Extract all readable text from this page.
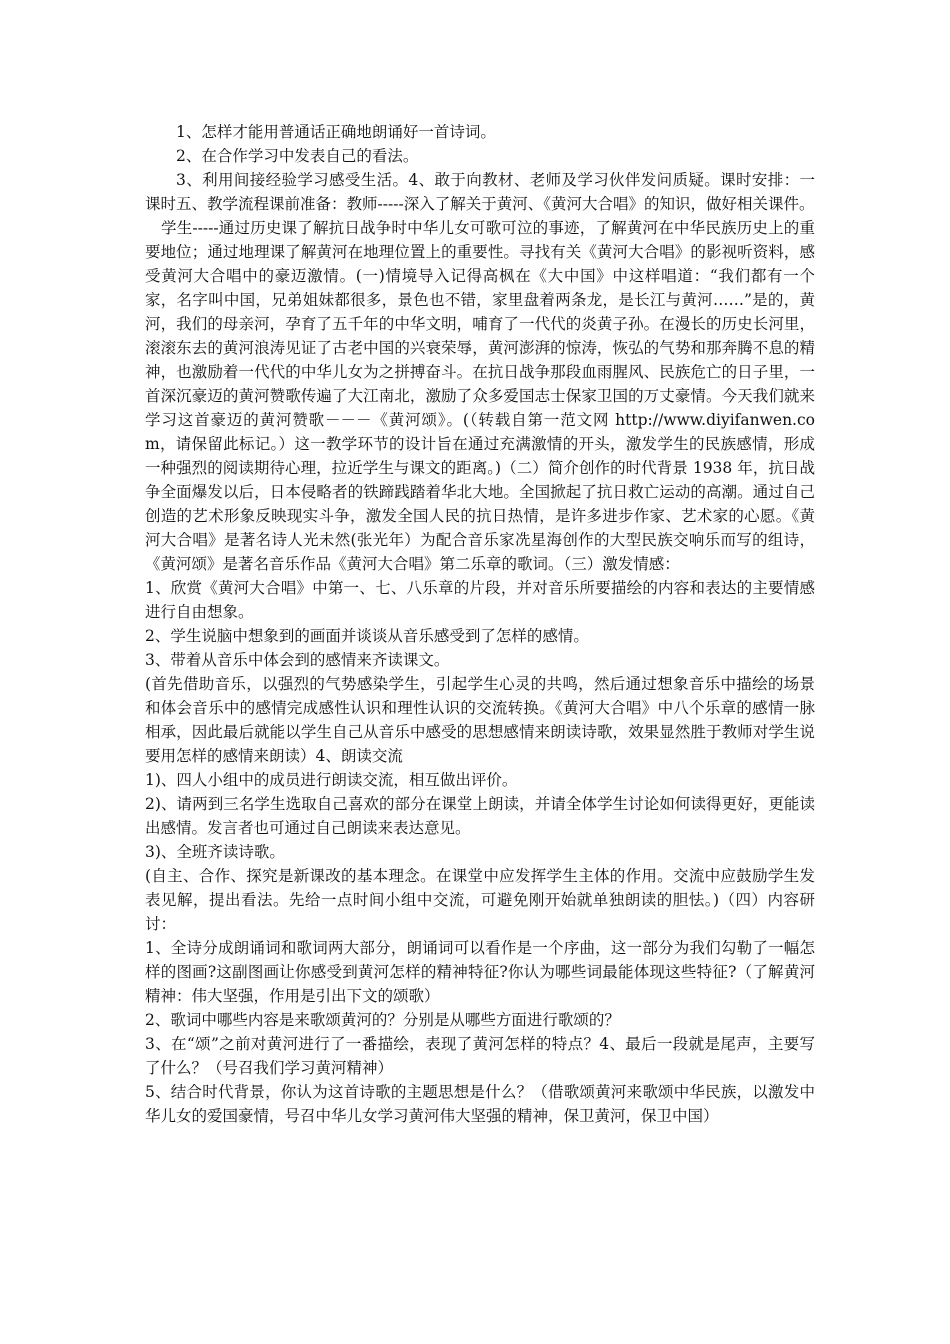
1、怎样才能用普通话正确地朗诵好一首诗词。

2、在合作学习中发表自己的看法。

3、利用间接经验学习感受生活。4、敢于向教材、老师及学习伙伴发问质疑。课时安排：一课时五、教学流程课前准备：教师-----深入了解关于黄河、《黄河大合唱》的知识，做好相关课件。

学生-----通过历史课了解抗日战争时中华儿女可歌可泣的事迹，了解黄河在中华民族历史上的重要地位；通过地理课了解黄河在地理位置上的重要性。寻找有关《黄河大合唱》的影视听资料，感受黄河大合唱中的豪迈激情。(一)情境导入记得高枫在《大中国》中这样唱道：“我们都有一个家，名字叫中国，兄弟姐妹都很多，景色也不错，家里盘着两条龙，是长江与黄河……”是的，黄河，我们的母亲河，孕育了五千年的中华文明，哺育了一代代的炎黄子孙。在漫长的历史长河里，滚滚东去的黄河浪涛见证了古老中国的兴衰荣辱，黄河澎湃的惊涛，恢弘的气势和那奔腾不息的精神，也激励着一代代的中华儿女为之拼搏奋斗。在抗日战争那段血雨腥风、民族危亡的日子里，一首深沉豪迈的黄河赞歌传遍了大江南北，激励了众多爱国志士保家卫国的万丈豪情。今天我们就来学习这首豪迈的黄河赞歌－－－《黄河颂》。(（转载自第一范文网 http://www.diyifanwen.com，请保留此标记。）这一教学环节的设计旨在通过充满激情的开头，激发学生的民族感情，形成一种强烈的阅读期待心理，拉近学生与课文的距离。)（二）简介创作的时代背景 1938 年，抗日战争全面爆发以后，日本侵略者的铁蹄践踏着华北大地。全国掀起了抗日救亡运动的高潮。通过自己创造的艺术形象反映现实斗争，激发全国人民的抗日热情，是许多进步作家、艺术家的心愿。《黄河大合唱》是著名诗人光未然(张光年）为配合音乐家冼星海创作的大型民族交响乐而写的组诗，《黄河颂》是著名音乐作品《黄河大合唱》第二乐章的歌词。（三）激发情感：

1、欣赏《黄河大合唱》中第一、七、八乐章的片段，并对音乐所要描绘的内容和表达的主要情感进行自由想象。

2、学生说脑中想象到的画面并谈谈从音乐感受到了怎样的感情。

3、带着从音乐中体会到的感情来齐读课文。

(首先借助音乐，以强烈的气势感染学生，引起学生心灵的共鸣，然后通过想象音乐中描绘的场景和体会音乐中的感情完成感性认识和理性认识的交流转换。《黄河大合唱》中八个乐章的感情一脉相承，因此最后就能以学生自己从音乐中感受的思想感情来朗读诗歌，效果显然胜于教师对学生说要用怎样的感情来朗读）4、朗读交流

1)、四人小组中的成员进行朗读交流，相互做出评价。

2)、请两到三名学生选取自己喜欢的部分在课堂上朗读，并请全体学生讨论如何读得更好，更能读出感情。发言者也可通过自己朗读来表达意见。

3)、全班齐读诗歌。

(自主、合作、探究是新课改的基本理念。在课堂中应发挥学生主体的作用。交流中应鼓励学生发表见解，提出看法。先给一点时间小组中交流，可避免刚开始就单独朗读的胆怯。)（四）内容研讨：

1、全诗分成朗诵词和歌词两大部分，朗诵词可以看作是一个序曲，这一部分为我们勾勒了一幅怎样的图画?这副图画让你感受到黄河怎样的精神特征?你认为哪些词最能体现这些特征?（了解黄河精神：伟大坚强，作用是引出下文的颂歌）

2、歌词中哪些内容是来歌颂黄河的？分别是从哪些方面进行歌颂的？

3、在“颂”之前对黄河进行了一番描绘，表现了黄河怎样的特点？4、最后一段就是尾声，主要写了什么？（号召我们学习黄河精神）

5、结合时代背景，你认为这首诗歌的主题思想是什么？（借歌颂黄河来歌颂中华民族，以激发中华儿女的爱国豪情，号召中华儿女学习黄河伟大坚强的精神，保卫黄河，保卫中国）
